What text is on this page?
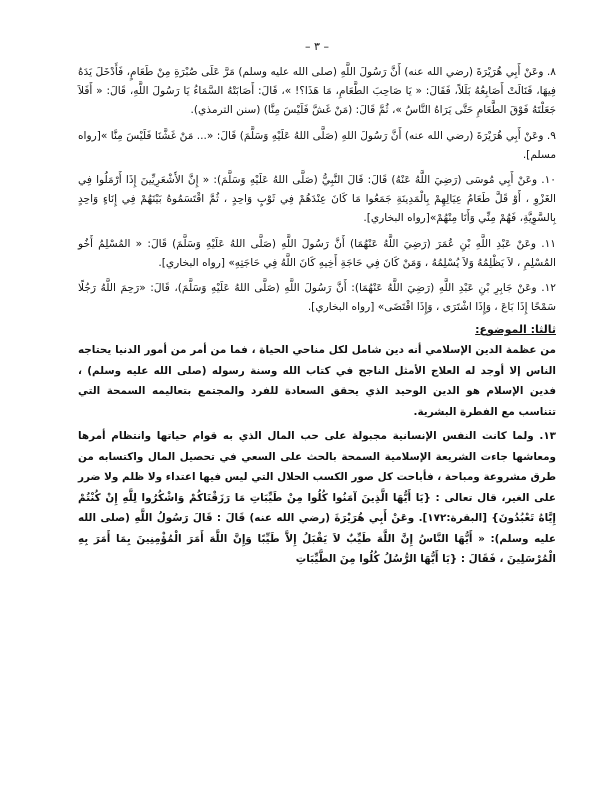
– ٣ –

٨. وعَنْ أَبِي هُرَيْرَةَ (رضي الله عنه) أَنَّ رَسُولَ اللَّهِ (صلى الله عليه وسلم) مَرَّ عَلَى صُبْرَةِ مِنْ طَعَامٍ، فَأَدْخَلَ يَدَهُ فِيهَا، فَنَالَتْ أَصَابِعُهُ بَلَلاً، فَقَالَ: « يَا صَاحِبَ الطَّعَامِ، مَا هَذَا؟! »، قَالَ: أَصَابَتْهُ السَّمَاءُ يَا رَسُولَ اللَّهِ، قَالَ: « أَفَلاَ جَعَلْتَهُ فَوْقَ الطَّعَامِ حَتَّى يَرَاهُ النَّاسُ »، ثُمَّ قَالَ: (مَنْ غَشَّ فَلَيْسَ مِنَّا) (سنن الترمذي).

٩. وعَنْ أَبِي هُرَيْرَةَ (رضي الله عنه) أَنَّ رَسُولَ اللهِ (صَلَّى اللهُ عَلَيْهِ وَسَلَّمَ) قَالَ: «... مَنْ غَشَّنَا فَلَيْسَ مِنَّا »[رواه مسلم].

١٠. وعَنْ أَبِي مُوسَى (رَضِيَ اللَّهُ عَنْهُ) قَالَ: قَالَ النَّبِيُّ (صَلَّى اللهُ عَلَيْهِ وَسَلَّمَ): « إِنَّ الأَشْعَرِيِّينَ إِذَا أَرْمَلُوا فِي الغَزْوِ ، أَوْ قَلَّ طَعَامُ عِيَالِهِمْ بِالْمَدِينَةِ جَمَعُوا مَا كَانَ عِنْدَهُمْ فِي ثَوْبٍ وَاحِدٍ ، ثُمَّ اقْتَسَمُوهُ بَيْنَهُمْ فِي إِنَاءٍ وَاحِدٍ بِالسَّوِيَّةِ، فَهُمْ مِنِّي وَأَنَا مِنْهُمْ»[رواه البخاري].

١١. وعَنْ عَبْدِ اللَّهِ بْنِ عُمَرَ (رَضِيَ اللَّهُ عَنْهُمَا) أَنَّ رَسُولَ اللَّهِ (صَلَّى اللهُ عَلَيْهِ وَسَلَّمَ) قَالَ: « المُسْلِمُ أَخُو المُسْلِمِ ، لاَ يَظْلِمُهُ وَلاَ يُسْلِمُهُ ، وَمَنْ كَانَ فِي حَاجَةِ أَخِيهِ كَانَ اللَّهُ فِي حَاجَتِهِ» [رواه البخاري].

١٢. وعَنْ جَابِرِ بْنِ عَبْدِ اللَّهِ (رَضِيَ اللَّهُ عَنْهُمَا): أَنَّ رَسُولَ اللَّهِ (صَلَّى اللهُ عَلَيْهِ وَسَلَّمَ)، قَالَ: «رَحِمَ اللَّهُ رَجُلًا سَمْحًا إِذَا بَاعَ ، وَإِذَا اشْتَرَى ، وَإِذَا اقْتَضَى» [رواه البخاري].

ثالثا: الموضوع:

من عظمة الدين الإسلامي أنه دين شامل لكل مناحي الحياة ، فما من أمر من أمور الدنيا يحتاجه الناس إلا أوجد له العلاج الأمثل الناجح في كتاب الله وسنة رسوله (صلى الله عليه وسلم) ، فدين الإسلام هو الدين الوحيد الذي يحقق السعادة للفرد والمجتمع بتعاليمه السمحة التي تتناسب مع الفطرة البشرية.

١٣. ولما كانت النفس الإنسانية مجبولة على حب المال الذي به قوام حياتها وانتظام أمرها ومعاشها جاءت الشريعة الإسلامية السمحة بالحث على السعي في تحصيل المال واكتسابه من طرق مشروعة ومباحة ، فأباحت كل صور الكسب الحلال التي ليس فيها اعتداء ولا ظلم ولا ضرر على الغير، قال تعالى : {يَا أَيُّهَا الَّذِينَ آمَنُوا كُلُوا مِنْ طَيِّبَاتِ مَا رَزَقْنَاكُمْ وَاشْكُرُوا لِلَّهِ إِنْ كُنْتُمْ إِيَّاهُ تَعْبُدُونَ} [البقرة:١٧٢]. وعَنْ أَبِي هُرَيْرَةَ (رضي الله عنه) قَالَ : قَالَ رَسُولُ اللَّهِ (صلى الله عليه وسلم): « أَيُّهَا النَّاسُ إِنَّ اللَّهَ طَيِّبٌ لاَ يَقْبَلُ إِلاَّ طَيِّبًا وَإِنَّ اللَّهَ أَمَرَ الْمُؤْمِنِينَ بِمَا أَمَرَ بِهِ الْمُرْسَلِينَ ، فَقَالَ : {يَا أَيُّهَا الرُّسُلُ كُلُوا مِنَ الطَّيِّبَاتِ
